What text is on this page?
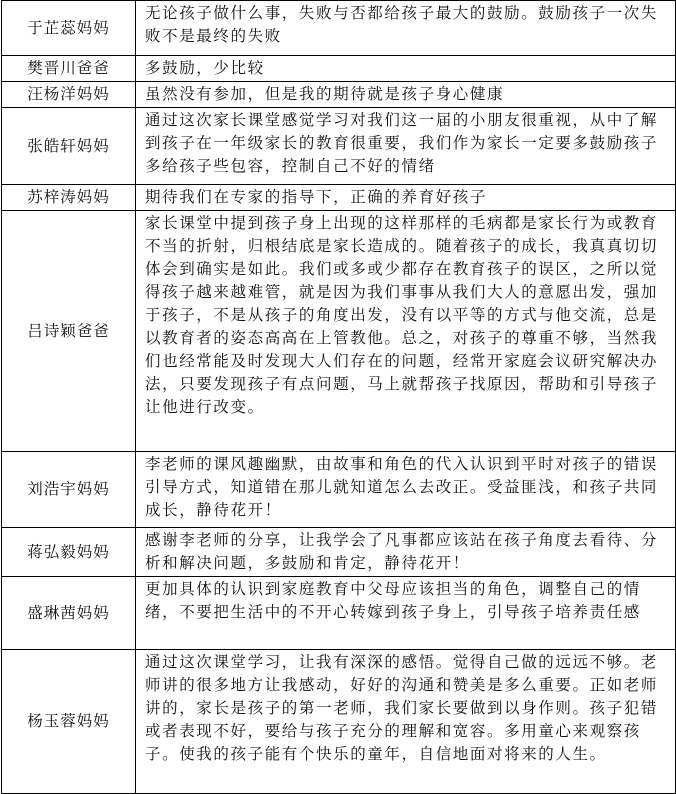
于芷蕊妈妈	无论孩子做什么事，失败与否都给孩子最大的鼓励。鼓励孩子一次失败不是最终的失败
樊晋川爸爸	多鼓励，少比较
汪杨洋妈妈	虽然没有参加，但是我的期待就是孩子身心健康
张皓轩妈妈	通过这次家长课堂感觉学习对我们这一届的小朋友很重视，从中了解到孩子在一年级家长的教育很重要，我们作为家长一定要多鼓励孩子多给孩子些包容，控制自己不好的情绪
苏梓涛妈妈	期待我们在专家的指导下，正确的养育好孩子
吕诗颖爸爸	家长课堂中提到孩子身上出现的这样那样的毛病都是家长行为或教育不当的折射，归根结底是家长造成的。随着孩子的成长，我真真切切体会到确实是如此。我们或多或少都存在教育孩子的误区，之所以觉得孩子越来越难管，就是因为我们事事从我们大人的意愿出发，强加于孩子，不是从孩子的角度出发，没有以平等的方式与他交流，总是以教育者的姿态高高在上管教他。总之，对孩子的尊重不够，当然我们也经常能及时发现大人们存在的问题，经常开家庭会议研究解决办法，只要发现孩子有点问题，马上就帮孩子找原因，帮助和引导孩子让他进行改变。
刘浩宇妈妈	李老师的课风趣幽默，由故事和角色的代入认识到平时对孩子的错误引导方式，知道错在那儿就知道怎么去改正。受益匪浅，和孩子共同成长，静待花开！
蒋弘毅妈妈	感谢李老师的分享，让我学会了凡事都应该站在孩子角度去看待、分析和解决问题，多鼓励和肯定，静待花开！
盛琳茜妈妈	更加具体的认识到家庭教育中父母应该担当的角色，调整自己的情绪，不要把生活中的不开心转嫁到孩子身上，引导孩子培养责任感
杨玉蓉妈妈	通过这次课堂学习，让我有深深的感悟。觉得自己做的远远不够。老师讲的很多地方让我感动，好好的沟通和赞美是多么重要。正如老师讲的，家长是孩子的第一老师，我们家长要做到以身作则。孩子犯错或者表现不好，要给与孩子充分的理解和宽容。多用童心来观察孩子。使我的孩子能有个快乐的童年，自信地面对将来的人生。
